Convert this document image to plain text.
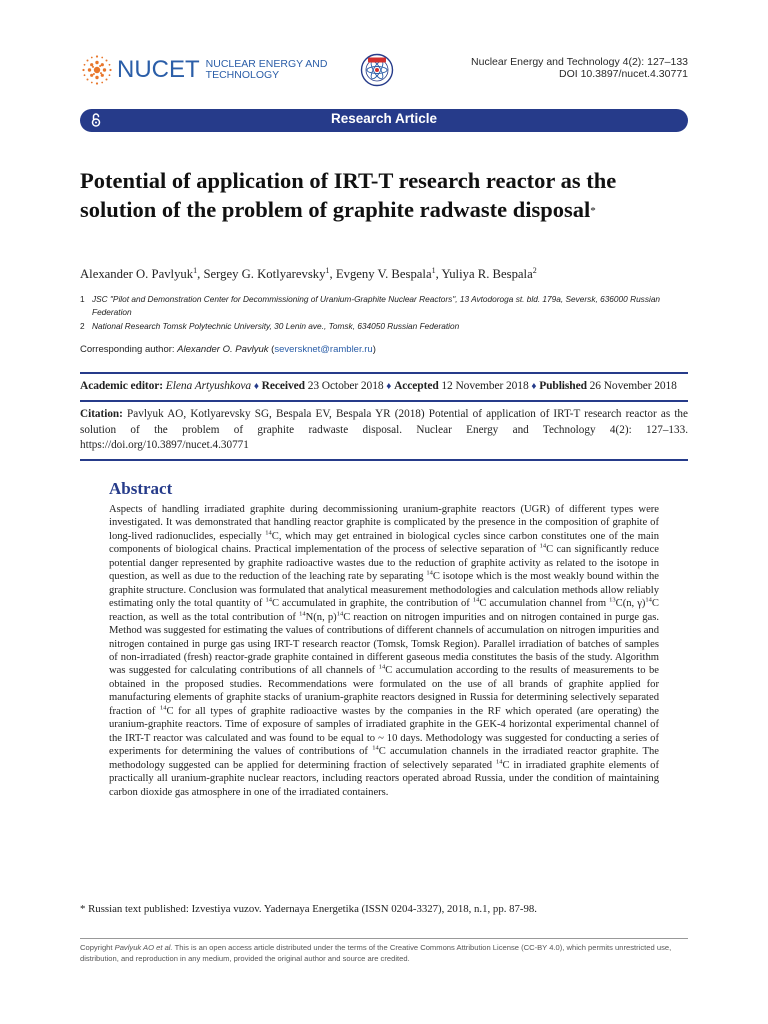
NUCET NUCLEAR ENERGY AND
TECHNOLOGY
Nuclear Energy and Technology 4(2): 127–133
DOI 10.3897/nucet.4.30771
Research Article
Potential of application of IRT-T research reactor as the solution of the problem of graphite radwaste disposal*
Alexander O. Pavlyuk$^1$, Sergey G. Kotlyarevsky$^1$, Evgeny V. Bespala$^1$, Yuliya R. Bespala$^2$
1 JSC "Pilot and Demonstration Center for Decommissioning of Uranium-Graphite Nuclear Reactors", 13 Avtodoroga st. bld. 179a, Seversk, 636000 Russian Federation
2 National Research Tomsk Polytechnic University, 30 Lenin ave., Tomsk, 634050 Russian Federation
Corresponding author: Alexander O. Pavlyuk (seversknet@rambler.ru)
Academic editor: Elena Artyushkova ♦ Received 23 October 2018 ♦ Accepted 12 November 2018 ♦ Published 26 November 2018
Citation: Pavlyuk AO, Kotlyarevsky SG, Bespala EV, Bespala YR (2018) Potential of application of IRT-T research reactor as the solution of the problem of graphite radwaste disposal. Nuclear Energy and Technology 4(2): 127–133. https://doi.org/10.3897/nucet.4.30771
Abstract
Aspects of handling irradiated graphite during decommissioning uranium-graphite reactors (UGR) of different types were investigated. It was demonstrated that handling reactor graphite is complicated by the presence in the composition of graphite of long-lived radionuclides, especially $^{14}$C, which may get entrained in biological cycles since carbon constitutes one of the main components of biological chains. Practical implementation of the process of selective separation of $^{14}$C can significantly reduce potential danger represented by graphite radioactive wastes due to the reduction of graphite activity as related to the isotope in question, as well as due to the reduction of the leaching rate by separating $^{14}$C isotope which is the most weakly bound within the graphite structure. Conclusion was formulated that analytical measurement methodologies and calculation methods allow reliably estimating only the total quantity of $^{14}$C accumulated in graphite, the contribution of $^{14}$C accumulation channel from $^{13}$C(n, γ)$^{14}$C reaction, as well as the total contribution of $^{14}$N(n, p)$^{14}$C reaction on nitrogen impurities and on nitrogen contained in purge gas. Method was suggested for estimating the values of contributions of different channels of accumulation on nitrogen impurities and nitrogen contained in purge gas using IRT-T research reactor (Tomsk, Tomsk Region). Parallel irradiation of batches of samples of non-irradiated (fresh) reactor-grade graphite contained in different gaseous media constitutes the basis of the study. Algorithm was suggested for calculating contributions of all channels of $^{14}$C accumulation according to the results of measurements to be obtained in the proposed studies. Recommendations were formulated on the use of all brands of graphite applied for manufacturing elements of graphite stacks of uranium-graphite reactors designed in Russia for determining selectively separated fraction of $^{14}$C for all types of graphite radioactive wastes by the companies in the RF which operated (are operating) the uranium-graphite reactors. Time of exposure of samples of irradiated graphite in the GEK-4 horizontal experimental channel of the IRT-T reactor was calculated and was found to be equal to ~ 10 days. Methodology was suggested for conducting a series of experiments for determining the values of contributions of $^{14}$C accumulation channels in the irradiated reactor graphite. The methodology suggested can be applied for determining fraction of selectively separated $^{14}$C in irradiated graphite elements of practically all uranium-graphite nuclear reactors, including reactors operated abroad Russia, under the condition of maintaining carbon dioxide gas atmosphere in one of the irradiated containers.
* Russian text published: Izvestiya vuzov. Yadernaya Energetika (ISSN 0204-3327), 2018, n.1, pp. 87-98.
Copyright Pavlyuk AO et al. This is an open access article distributed under the terms of the Creative Commons Attribution License (CC-BY 4.0), which permits unrestricted use, distribution, and reproduction in any medium, provided the original author and source are credited.
